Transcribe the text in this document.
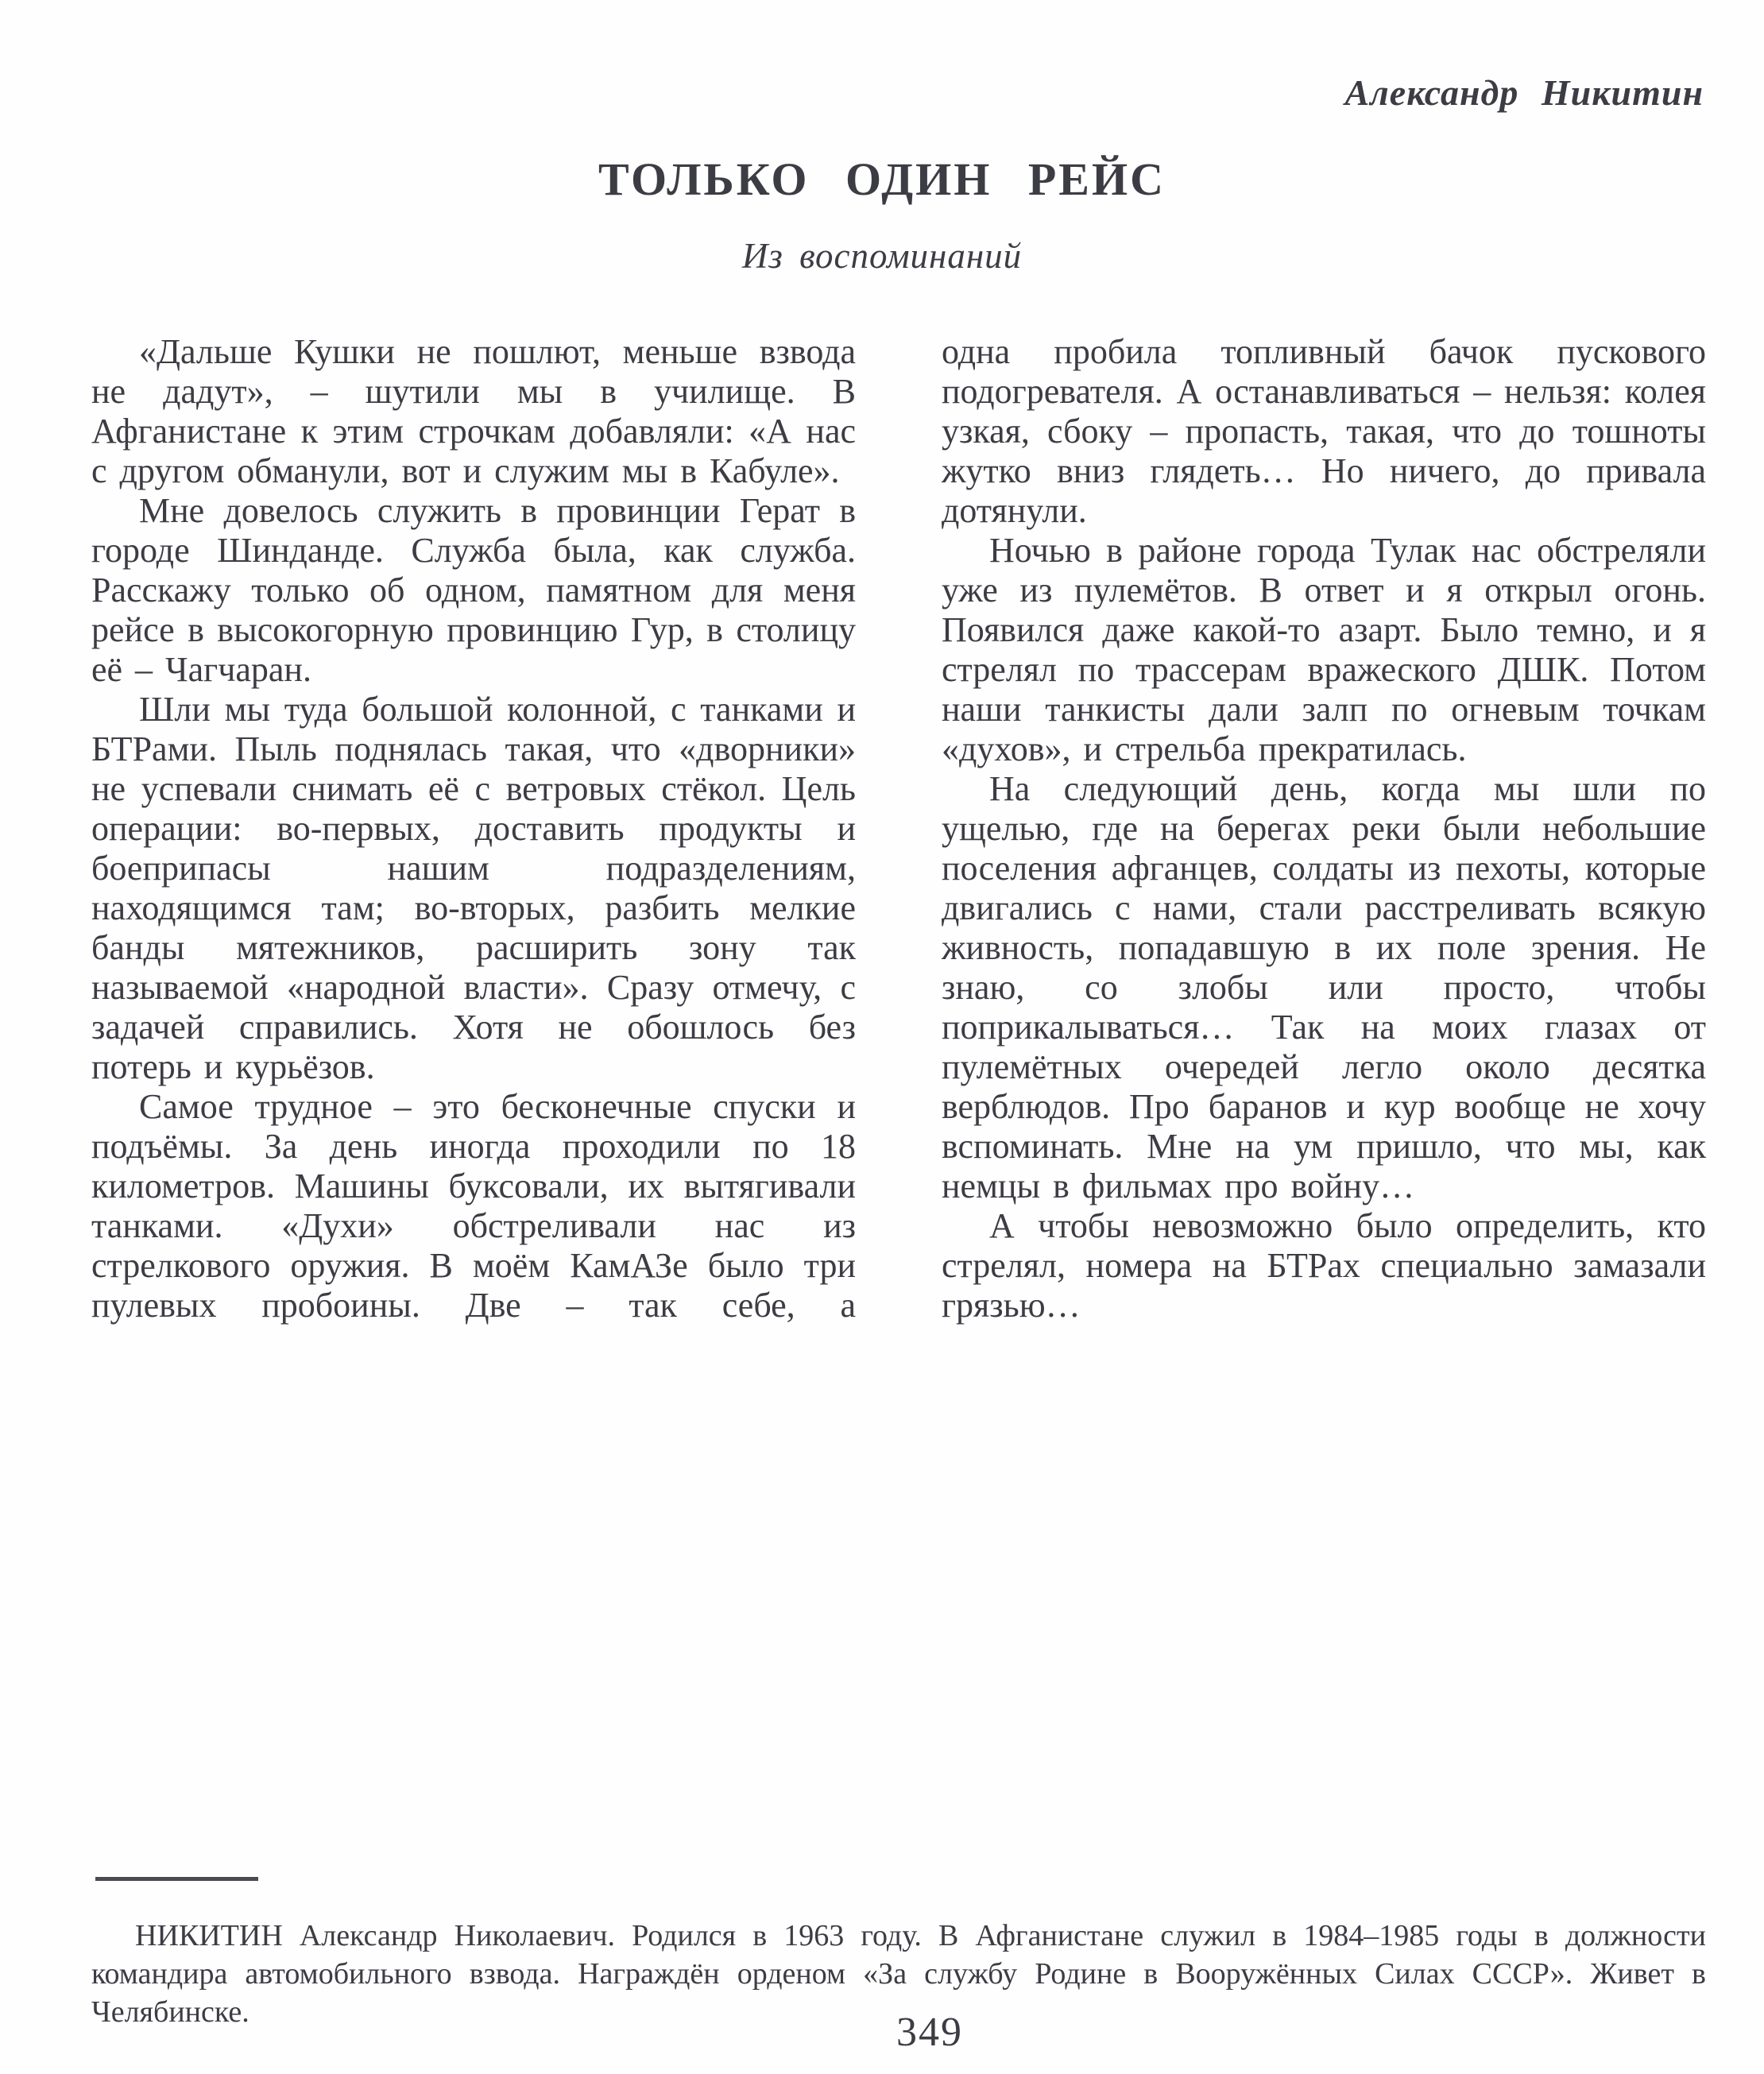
Александр Никитин
ТОЛЬКО ОДИН РЕЙС
Из воспоминаний

«Дальше Кушки не пошлют, меньше взвода не дадут», – шутили мы в училище. В Афганистане к этим строчкам добавляли: «А нас с другом обманули, вот и служим мы в Кабуле».

Мне довелось служить в провинции Герат в городе Шинданде. Служба была, как служба. Расскажу только об одном, памятном для меня рейсе в высокогорную провинцию Гур, в столицу её – Чагчаран.

Шли мы туда большой колонной, с танками и БТРами. Пыль поднялась такая, что «дворники» не успевали снимать её с ветровых стёкол. Цель операции: во-первых, доставить продукты и боеприпасы нашим подразделениям, находящимся там; во-вторых, разбить мелкие банды мятежников, расширить зону так называемой «народной власти». Сразу отмечу, с задачей справились. Хотя не обошлось без потерь и курьёзов.

Самое трудное – это бесконечные спуски и подъёмы. За день иногда проходили по 18 километров. Машины буксовали, их вытягивали танками. «Духи» обстреливали нас из стрелкового оружия. В моём КамАЗе было три пулевых пробоины. Две – так себе, а

одна пробила топливный бачок пускового подогревателя. А останавливаться – нельзя: колея узкая, сбоку – пропасть, такая, что до тошноты жутко вниз глядеть… Но ничего, до привала дотянули.

Ночью в районе города Тулак нас обстреляли уже из пулемётов. В ответ и я открыл огонь. Появился даже какой-то азарт. Было темно, и я стрелял по трассерам вражеского ДШК. Потом наши танкисты дали залп по огневым точкам «духов», и стрельба прекратилась.

На следующий день, когда мы шли по ущелью, где на берегах реки были небольшие поселения афганцев, солдаты из пехоты, которые двигались с нами, стали расстреливать всякую живность, попадавшую в их поле зрения. Не знаю, со злобы или просто, чтобы поприкалываться… Так на моих глазах от пулемётных очередей легло около десятка верблюдов. Про баранов и кур вообще не хочу вспоминать. Мне на ум пришло, что мы, как немцы в фильмах про войну…

А чтобы невозможно было определить, кто стрелял, номера на БТРах специально замазали грязью…

НИКИТИН Александр Николаевич. Родился в 1963 году. В Афганистане служил в 1984–1985 годы в должности командира автомобильного взвода. Награждён орденом «За службу Родине в Вооружённых Силах СССР». Живет в Челябинске.	349
